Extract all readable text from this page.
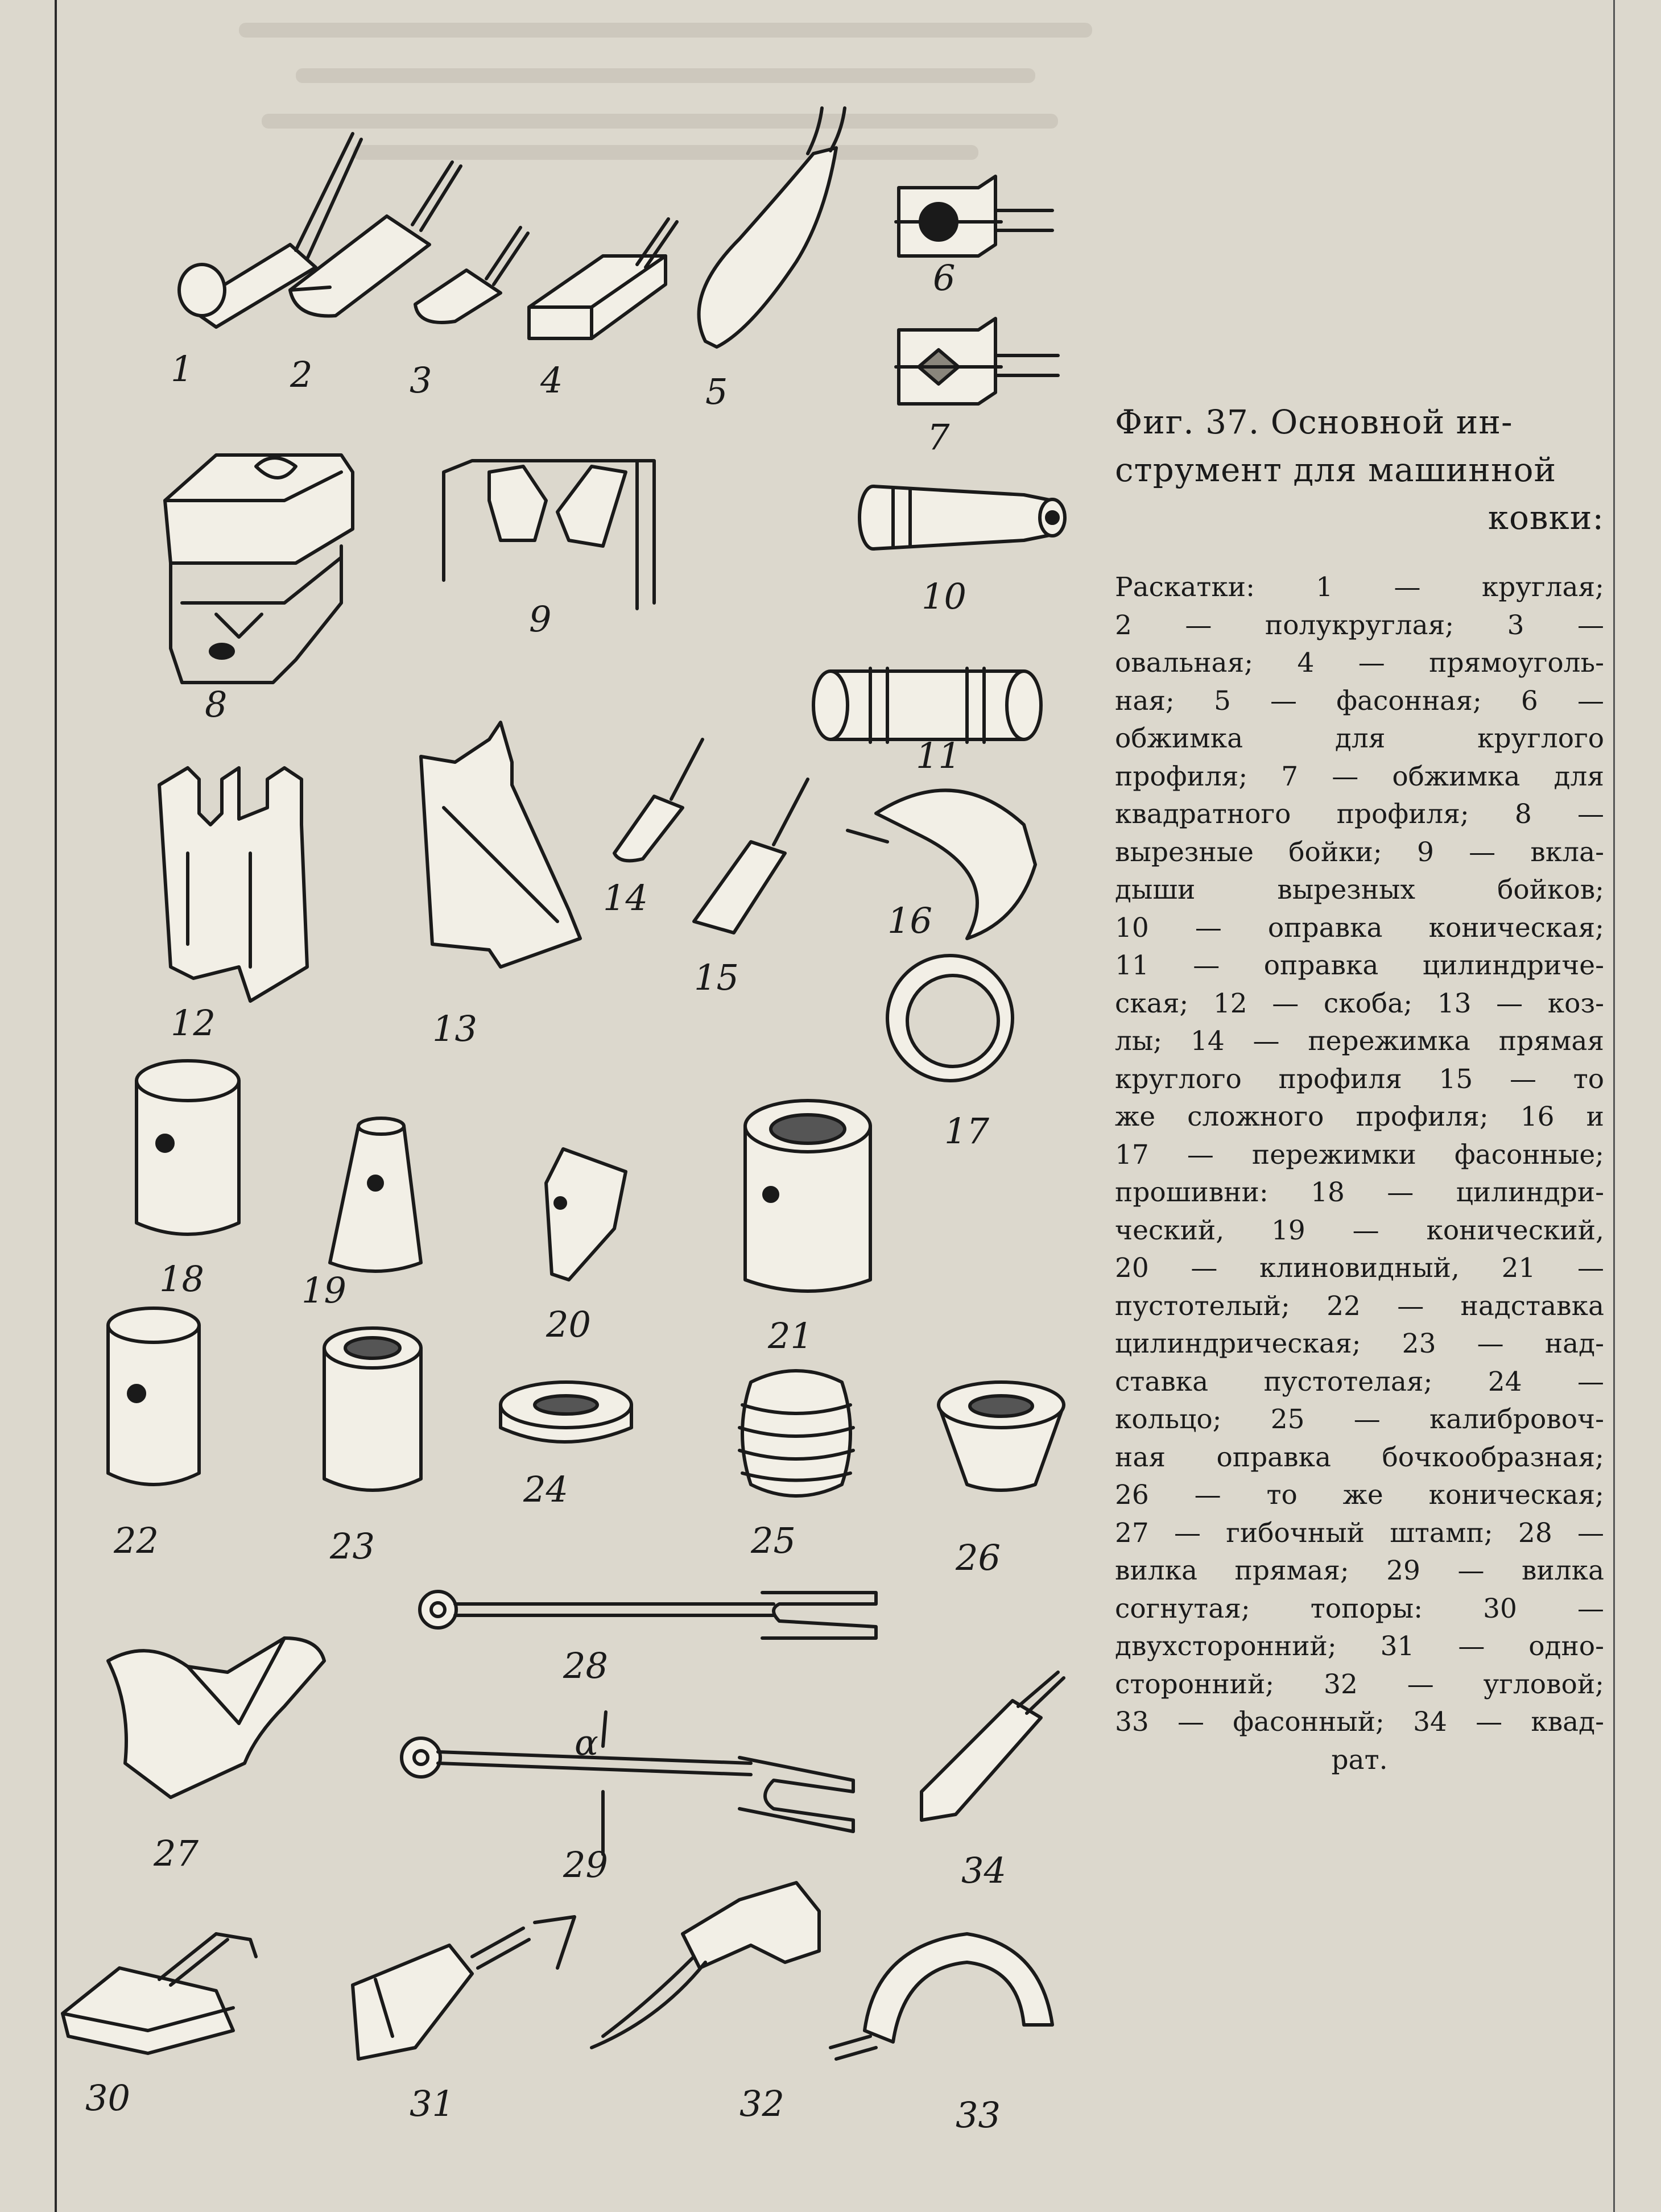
1	2	3	4	5
6
7
8
9
10
11
12	13
14
15
16
17
18	19
20	21
22	23
24
25	26
27
28
29
30	31	32	33
34
α

Фиг. 37. Основной ин-
струмент для машинной
ковки:

Раскатки: 1 — круглая;
2 — полукруглая; 3 —
овальная; 4 — прямоуголь-
ная; 5 — фасонная; 6 —
обжимка для круглого
профиля; 7 — обжимка для
квадратного профиля; 8 —
вырезные бойки; 9 — вкла-
дыши вырезных бойков;
10 — оправка коническая;
11 — оправка цилиндриче-
ская; 12 — скоба; 13 — коз-
лы; 14 — пережимка прямая
круглого профиля 15 — то
же сложного профиля; 16 и
17 — пережимки фасонные;
прошивни: 18 — цилиндри-
ческий, 19 — конический,
20 — клиновидный, 21 —
пустотелый; 22 — надставка
цилиндрическая; 23 — над-
ставка пустотелая; 24 —
кольцо; 25 — калибровоч-
ная оправка бочкообразная;
26 — то же коническая;
27 — гибочный штамп; 28 —
вилка прямая; 29 — вилка
согнутая; топоры: 30 —
двухсторонний; 31 — одно-
сторонний; 32 — угловой;
33 — фасонный; 34 — квад-
рат.
